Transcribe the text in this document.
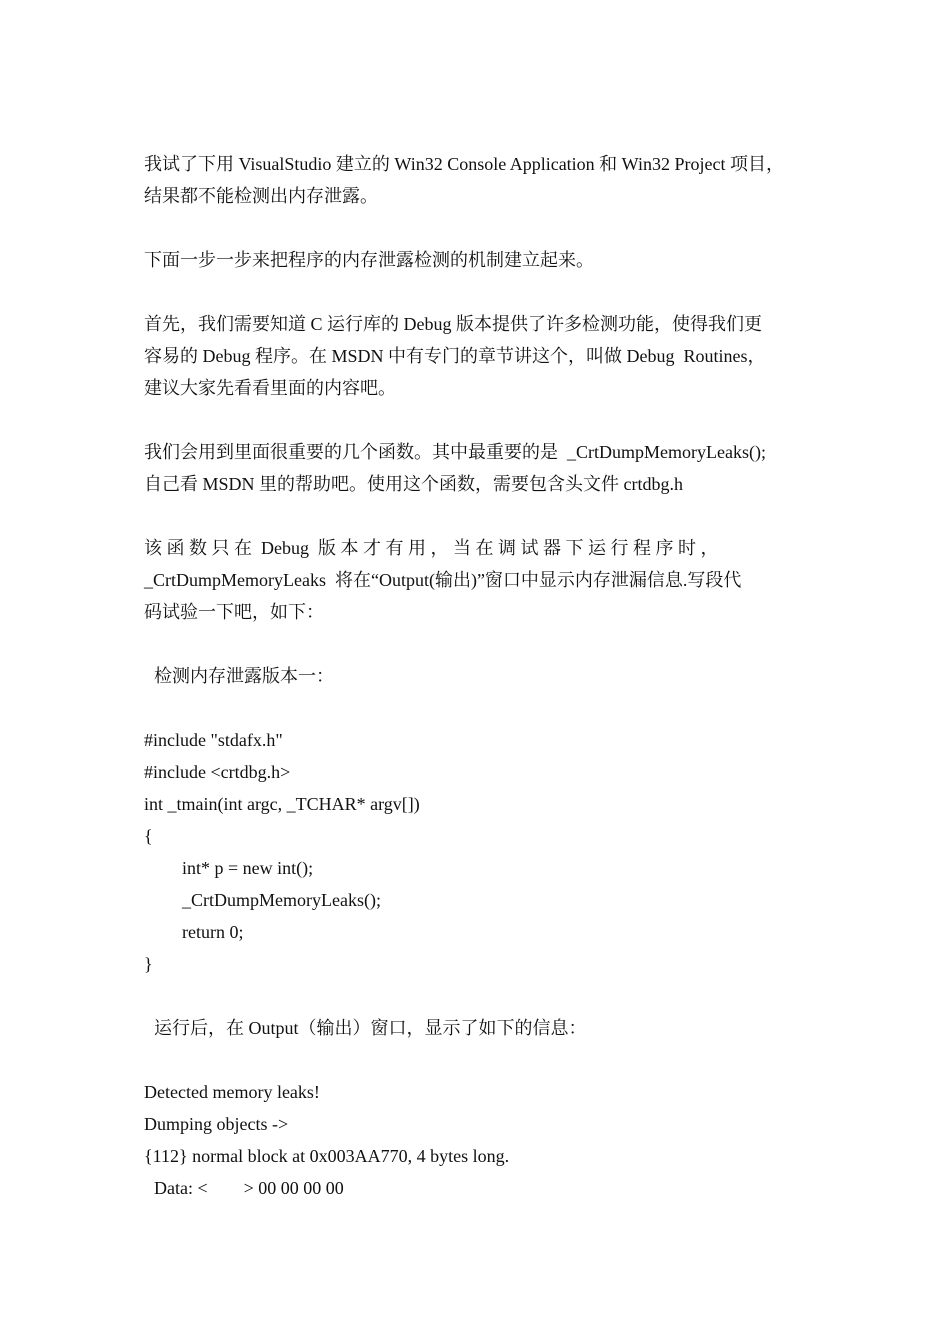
我试了下用 VisualStudio 建立的 Win32 Console Application 和 Win32 Project 项目，
结果都不能检测出内存泄露。
下面一步一步来把程序的内存泄露检测的机制建立起来。
首先，我们需要知道 C 运行库的 Debug 版本提供了许多检测功能，使得我们更
容易的 Debug 程序。在 MSDN 中有专门的章节讲这个，叫做 Debug  Routines，
建议大家先看看里面的内容吧。
我们会用到里面很重要的几个函数。其中最重要的是  _CrtDumpMemoryLeaks();
自己看 MSDN 里的帮助吧。使用这个函数，需要包含头文件 crtdbg.h
该 函 数 只 在  Debug  版 本 才 有 用 ， 当 在 调 试 器 下 运 行 程 序 时 ，
_CrtDumpMemoryLeaks  将在“Output(输出)”窗口中显示内存泄漏信息.写段代
码试验一下吧，如下：
检测内存泄露版本一：
#include "stdafx.h"
#include <crtdbg.h>
int _tmain(int argc, _TCHAR* argv[])
{
int* p = new int();
_CrtDumpMemoryLeaks();
return 0;
}
运行后，在 Output（输出）窗口，显示了如下的信息：
Detected memory leaks!
Dumping objects ->
{112} normal block at 0x003AA770, 4 bytes long.
Data: <        > 00 00 00 00
